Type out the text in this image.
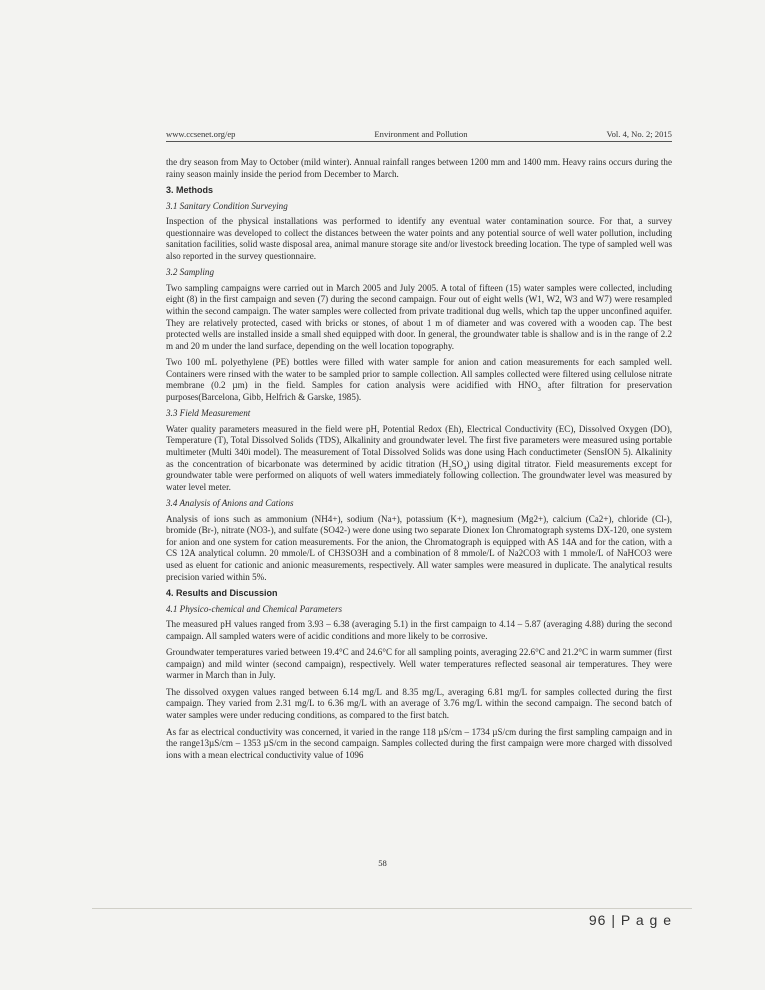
www.ccsenet.org/ep	Environment and Pollution	Vol. 4, No. 2; 2015

the dry season from May to October (mild winter). Annual rainfall ranges between 1200 mm and 1400 mm. Heavy rains occurs during the rainy season mainly inside the period from December to March.

3. Methods
3.1 Sanitary Condition Surveying

Inspection of the physical installations was performed to identify any eventual water contamination source. For that, a survey questionnaire was developed to collect the distances between the water points and any potential source of well water pollution, including sanitation facilities, solid waste disposal area, animal manure storage site and/or livestock breeding location. The type of sampled well was also reported in the survey questionnaire.

3.2 Sampling

Two sampling campaigns were carried out in March 2005 and July 2005. A total of fifteen (15) water samples were collected, including eight (8) in the first campaign and seven (7) during the second campaign. Four out of eight wells (W1, W2, W3 and W7) were resampled within the second campaign. The water samples were collected from private traditional dug wells, which tap the upper unconfined aquifer. They are relatively protected, cased with bricks or stones, of about 1 m of diameter and was covered with a wooden cap. The best protected wells are installed inside a small shed equipped with door. In general, the groundwater table is shallow and is in the range of 2.2 m and 20 m under the land surface, depending on the well location topography.

Two 100 mL polyethylene (PE) bottles were filled with water sample for anion and cation measurements for each sampled well. Containers were rinsed with the water to be sampled prior to sample collection. All samples collected were filtered using cellulose nitrate membrane (0.2 µm) in the field. Samples for cation analysis were acidified with $HNO_3$ after filtration for preservation purposes(Barcelona, Gibb, Helfrich & Garske, 1985).

3.3 Field Measurement

Water quality parameters measured in the field were pH, Potential Redox (Eh), Electrical Conductivity (EC), Dissolved Oxygen (DO), Temperature (T), Total Dissolved Solids (TDS), Alkalinity and groundwater level. The first five parameters were measured using portable multimeter (Multi 340i model). The measurement of Total Dissolved Solids was done using Hach conductimeter (SensION 5). Alkalinity as the concentration of bicarbonate was determined by acidic titration $(H_2SO_4)$ using digital titrator. Field measurements except for groundwater table were performed on aliquots of well waters immediately following collection. The groundwater level was measured by water level meter.

3.4 Analysis of Anions and Cations

Analysis of ions such as ammonium (NH4+), sodium (Na+), potassium (K+), magnesium (Mg2+), calcium (Ca2+), chloride (Cl-), bromide (Br-), nitrate (NO3-), and sulfate (SO42-) were done using two separate Dionex Ion Chromatograph systems DX-120, one system for anion and one system for cation measurements. For the anion, the Chromatograph is equipped with AS 14A and for the cation, with a CS 12A analytical column. 20 mmole/L of CH3SO3H and a combination of 8 mmole/L of Na2CO3 with 1 mmole/L of NaHCO3 were used as eluent for cationic and anionic measurements, respectively. All water samples were measured in duplicate. The analytical results precision varied within 5%.

4. Results and Discussion
4.1 Physico-chemical and Chemical Parameters

The measured pH values ranged from 3.93 – 6.38 (averaging 5.1) in the first campaign to 4.14 – 5.87 (averaging 4.88) during the second campaign. All sampled waters were of acidic conditions and more likely to be corrosive.

Groundwater temperatures varied between 19.4°C and 24.6°C for all sampling points, averaging 22.6°C and 21.2°C in warm summer (first campaign) and mild winter (second campaign), respectively. Well water temperatures reflected seasonal air temperatures. They were warmer in March than in July.

The dissolved oxygen values ranged between 6.14 mg/L and 8.35 mg/L, averaging 6.81 mg/L for samples collected during the first campaign. They varied from 2.31 mg/L to 6.36 mg/L with an average of 3.76 mg/L within the second campaign. The second batch of water samples were under reducing conditions, as compared to the first batch.

As far as electrical conductivity was concerned, it varied in the range 118 µS/cm – 1734 µS/cm during the first sampling campaign and in the range13µS/cm – 1353 µS/cm in the second campaign. Samples collected during the first campaign were more charged with dissolved ions with a mean electrical conductivity value of 1096

58
96 | P a g e
